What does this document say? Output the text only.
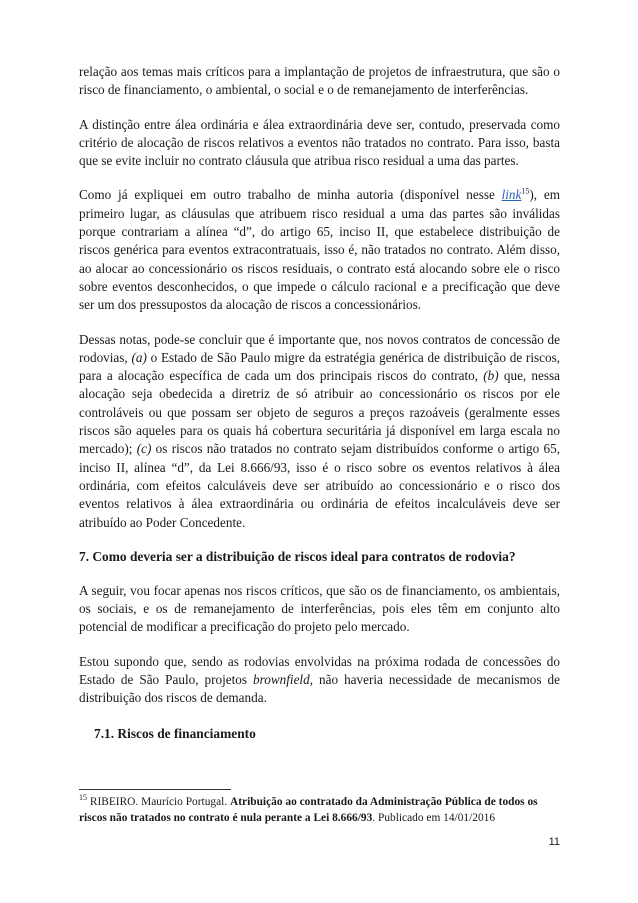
relação aos temas mais críticos para a implantação de projetos de infraestrutura, que são o risco de financiamento, o ambiental, o social e o de remanejamento de interferências.

A distinção entre álea ordinária e álea extraordinária deve ser, contudo, preservada como critério de alocação de riscos relativos a eventos não tratados no contrato. Para isso, basta que se evite incluir no contrato cláusula que atribua risco residual a uma das partes.

Como já expliquei em outro trabalho de minha autoria (disponível nesse link$^{15}$), em primeiro lugar, as cláusulas que atribuem risco residual a uma das partes são inválidas porque contrariam a alínea “d”, do artigo 65, inciso II, que estabelece distribuição de riscos genérica para eventos extracontratuais, isso é, não tratados no contrato. Além disso, ao alocar ao concessionário os riscos residuais, o contrato está alocando sobre ele o risco sobre eventos desconhecidos, o que impede o cálculo racional e a precificação que deve ser um dos pressupostos da alocação de riscos a concessionários.

Dessas notas, pode-se concluir que é importante que, nos novos contratos de concessão de rodovias, (a) o Estado de São Paulo migre da estratégia genérica de distribuição de riscos, para a alocação específica de cada um dos principais riscos do contrato, (b) que, nessa alocação seja obedecida a diretriz de só atribuir ao concessionário os riscos por ele controláveis ou que possam ser objeto de seguros a preços razoáveis (geralmente esses riscos são aqueles para os quais há cobertura securitária já disponível em larga escala no mercado); (c) os riscos não tratados no contrato sejam distribuídos conforme o artigo 65, inciso II, alínea “d”, da Lei 8.666/93, isso é o risco sobre os eventos relativos à álea ordinária, com efeitos calculáveis deve ser atribuído ao concessionário e o risco dos eventos relativos à álea extraordinária ou ordinária de efeitos incalculáveis deve ser atribuído ao Poder Concedente.

7. Como deveria ser a distribuição de riscos ideal para contratos de rodovia?

A seguir, vou focar apenas nos riscos críticos, que são os de financiamento, os ambientais, os sociais, e os de remanejamento de interferências, pois eles têm em conjunto alto potencial de modificar a precificação do projeto pelo mercado.

Estou supondo que, sendo as rodovias envolvidas na próxima rodada de concessões do Estado de São Paulo, projetos brownfield, não haveria necessidade de mecanismos de distribuição dos riscos de demanda.

7.1. Riscos de financiamento

$^{15}$ RIBEIRO. Maurício Portugal. Atribuição ao contratado da Administração Pública de todos os riscos não tratados no contrato é nula perante a Lei 8.666/93. Publicado em 14/01/2016

11
